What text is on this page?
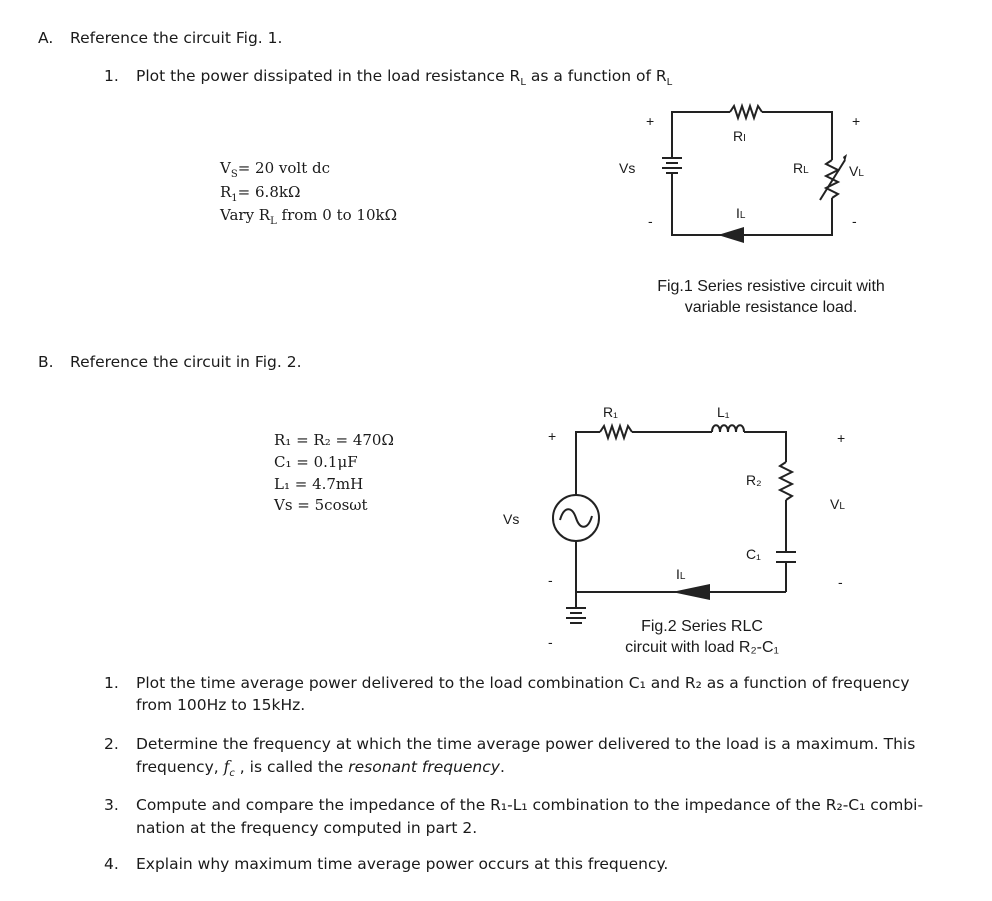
A. Reference the circuit Fig. 1.
1. Plot the power dissipated in the load resistance $R_L$ as a function of $R_L$
$V_S= 20$ volt dc
$R_1= 6.8k\Omega$
Vary $R_L$ from 0 to 10kΩ
+
Vs
-
RI
RL	VL
+
-
IL
Fig.1 Series resistive circuit with
variable resistance load.
B. Reference the circuit in Fig. 2.
R₁ = R₂ = 470Ω
C₁ = 0.1μF
L₁ = 4.7mH
Vs = 5cosωt
+
Vs
-
R₁	L₁
R₂
C₁
+
VL
-
IL
-
Fig.2 Series RLC
circuit with load R₂-C₁
1. Plot the time average power delivered to the load combination C₁ and R₂ as a function of frequency
from 100Hz to 15kHz.
2. Determine the frequency at which the time average power delivered to the load is a maximum. This
frequency, $f_c$ , is called the resonant frequency.
3. Compute and compare the impedance of the R₁-L₁ combination to the impedance of the R₂-C₁ combi-
nation at the frequency computed in part 2.
4. Explain why maximum time average power occurs at this frequency.
